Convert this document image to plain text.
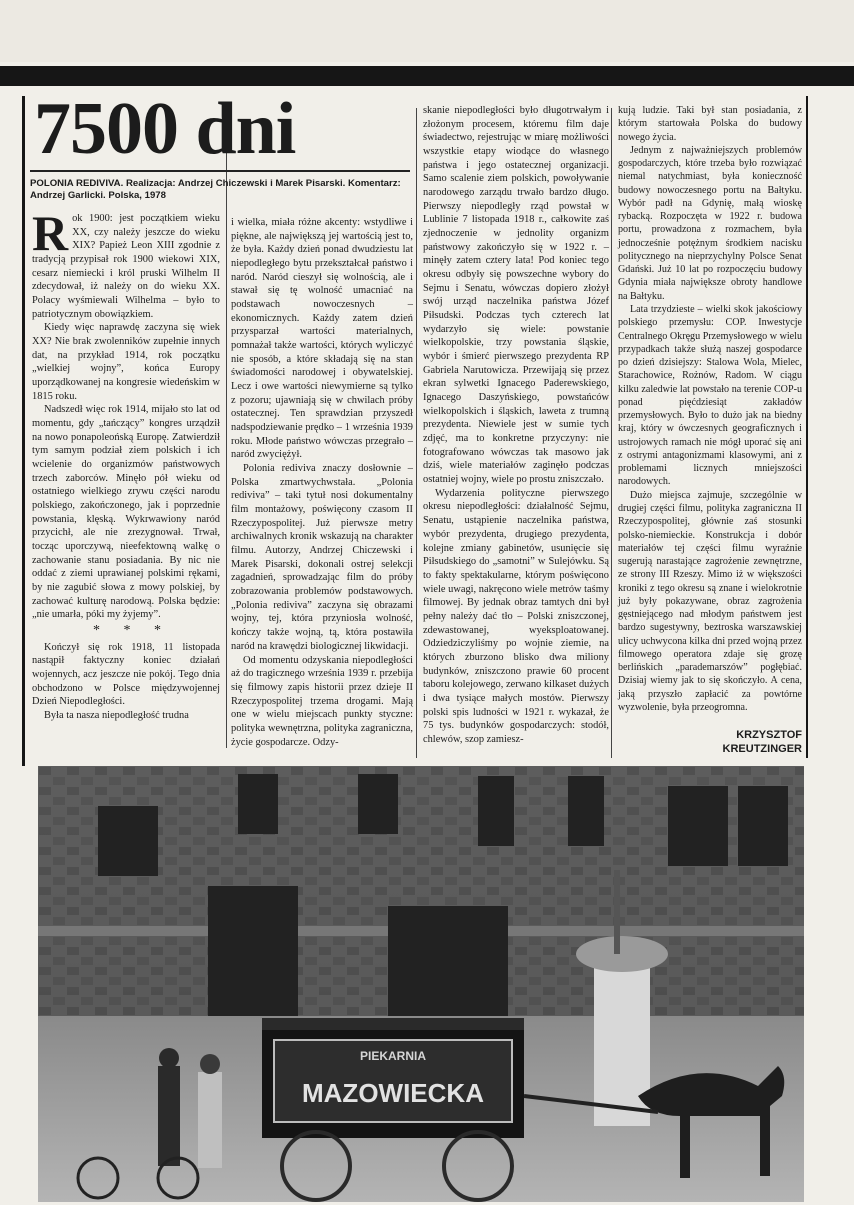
7500 dni

POLONIA REDIVIVA. Realizacja: Andrzej Chiczewski i Marek Pisarski. Komentarz: Andrzej Garlicki. Polska, 1978

Rok 1900: jest początkiem wieku XX, czy należy jeszcze do wieku XIX? Papież Leon XIII zgodnie z tradycją przypisał rok 1900 wiekowi XIX, cesarz niemiecki i król pruski Wilhelm II zdecydował, iż należy on do wieku XX. Polacy wyśmiewali Wilhelma – było to patriotycznym obowiązkiem.

Kiedy więc naprawdę zaczyna się wiek XX? Nie brak zwolenników zupełnie innych dat, na przykład 1914, rok początku „wielkiej wojny”, końca Europy uporządkowanej na kongresie wiedeńskim w 1815 roku.

Nadszedł więc rok 1914, mijało sto lat od momentu, gdy „tańczący” kongres urządził na nowo ponapoleońską Europę. Zatwierdził tym samym podział ziem polskich i ich wcielenie do organizmów państwowych trzech zaborców. Minęło pół wieku od ostatniego wielkiego zrywu części narodu polskiego, zakończonego, jak i poprzednie powstania, klęską. Wykrwawiony naród przycichł, ale nie zrezygnował. Trwał, tocząc uporczywą, nieefektowną walkę o zachowanie stanu posiadania. By nic nie oddać z ziemi uprawianej polskimi rękami, by nie zagubić słowa z mowy polskiej, by zachować kulturę narodową. Polska będzie: „nie umarła, póki my żyjemy”.

* * *

Kończył się rok 1918, 11 listopada nastąpił faktyczny koniec działań wojennych, acz jeszcze nie pokój. Tego dnia obchodzono w Polsce międzywojennej Dzień Niepodległości.

Była ta nasza niepodległość trudna

i wielka, miała różne akcenty: wstydliwe i piękne, ale największą jej wartością jest to, że była. Każdy dzień ponad dwudziestu lat niepodległego bytu przekształcał państwo i naród. Naród cieszył się wolnością, ale i stawał się tę wolność umacniać na podstawach nowoczesnych – ekonomicznych. Każdy zatem dzień przysparzał wartości materialnych, pomnażał także wartości, których wyliczyć nie sposób, a które składają się na stan świadomości narodowej i obywatelskiej. Lecz i owe wartości niewymierne są tylko z pozoru; ujawniają się w chwilach próby ostatecznej. Ten sprawdzian przyszedł nadspodziewanie prędko – 1 września 1939 roku. Młode państwo wówczas przegrało – naród zwyciężył.

Polonia rediviva znaczy dosłownie – Polska zmartwychwstała. „Polonia rediviva” – taki tytuł nosi dokumentalny film montażowy, poświęcony czasom II Rzeczypospolitej. Już pierwsze metry archiwalnych kronik wskazują na charakter filmu. Autorzy, Andrzej Chiczewski i Marek Pisarski, dokonali ostrej selekcji zagadnień, sprowadzając film do próby zobrazowania problemów podstawowych. „Polonia rediviva” zaczyna się obrazami wojny, tej, która przyniosła wolność, kończy także wojną, tą, która postawiła naród na krawędzi biologicznej likwidacji.

Od momentu odzyskania niepodległości aż do tragicznego września 1939 r. przebija się filmowy zapis historii przez dzieje II Rzeczypospolitej trzema drogami. Mają one w wielu miejscach punkty styczne: polityka wewnętrzna, polityka zagraniczna, życie gospodarcze. Odzy-

skanie niepodległości było długotrwałym i złożonym procesem, któremu film daje świadectwo, rejestrując w miarę możliwości wszystkie etapy wiodące do własnego państwa i jego ostatecznej organizacji. Samo scalenie ziem polskich, powoływanie narodowego zarządu trwało bardzo długo. Pierwszy niepodległy rząd powstał w Lublinie 7 listopada 1918 r., całkowite zaś zjednoczenie w jednolity organizm państwowy zakończyło się w 1922 r. – minęły zatem cztery lata! Pod koniec tego okresu odbyły się powszechne wybory do Sejmu i Senatu, wówczas dopiero złożył swój urząd naczelnika państwa Józef Piłsudski. Podczas tych czterech lat wydarzyło się wiele: powstanie wielkopolskie, trzy powstania śląskie, wybór i śmierć pierwszego prezydenta RP Gabriela Narutowicza. Przewijają się przez ekran sylwetki Ignacego Paderewskiego, Ignacego Daszyńskiego, powstańców wielkopolskich i śląskich, laweta z trumną prezydenta. Niewiele jest w sumie tych zdjęć, ma to konkretne przyczyny: nie fotografowano wówczas tak masowo jak dziś, wiele materiałów zaginęło podczas ostatniej wojny, wiele po prostu zniszczało.

Wydarzenia polityczne pierwszego okresu niepodległości: działalność Sejmu, Senatu, ustąpienie naczelnika państwa, wybór prezydenta, drugiego prezydenta, kolejne zmiany gabinetów, usunięcie się Piłsudskiego do „samotni” w Sulejówku. Są to fakty spektakularne, którym poświęcono wiele uwagi, nakręcono wiele metrów taśmy filmowej. By jednak obraz tamtych dni był pełny należy dać tło – Polski zniszczonej, zdewastowanej, wyeksploatowanej. Odziedziczyliśmy po wojnie ziemie, na których zburzono blisko dwa miliony budynków, zniszczono prawie 60 procent taboru kolejowego, zerwano kilkaset dużych i dwa tysiące małych mostów. Pierwszy polski spis ludności w 1921 r. wykazał, że 75 tys. budynków gospodarczych: stodół, chlewów, szop zamiesz-

kują ludzie. Taki był stan posiadania, z którym startowała Polska do budowy nowego życia.

Jednym z najważniejszych problemów gospodarczych, które trzeba było rozwiązać niemal natychmiast, była konieczność budowy nowoczesnego portu na Bałtyku. Wybór padł na Gdynię, małą wioskę rybacką. Rozpoczęta w 1922 r. budowa portu, prowadzona z rozmachem, była jednocześnie potężnym środkiem nacisku politycznego na nieprzychylny Polsce Senat Gdański. Już 10 lat po rozpoczęciu budowy Gdynia miała największe obroty handlowe na Bałtyku.

Lata trzydzieste – wielki skok jakościowy polskiego przemysłu: COP. Inwestycje Centralnego Okręgu Przemysłowego w wielu przypadkach także służą naszej gospodarce po dzień dzisiejszy: Stalowa Wola, Mielec, Starachowice, Rożnów, Radom. W ciągu kilku zaledwie lat powstało na terenie COP-u ponad pięćdziesiąt zakładów przemysłowych. Było to dużo jak na biedny kraj, który w ówczesnych geograficznych i ustrojowych ramach nie mógł uporać się ani z ostrymi antagonizmami klasowymi, ani z problemami licznych mniejszości narodowych.

Dużo miejsca zajmuje, szczególnie w drugiej części filmu, polityka zagraniczna II Rzeczypospolitej, głównie zaś stosunki polsko-niemieckie. Konstrukcja i dobór materiałów tej części filmu wyraźnie sugerują narastające zagrożenie zewnętrzne, ze strony III Rzeszy. Mimo iż w większości kroniki z tego okresu są znane i wielokrotnie już były pokazywane, obraz zagrożenia gęstniejącego nad młodym państwem jest bardzo sugestywny, beztroska warszawskiej ulicy uchwycona kilka dni przed wojną przez filmowego operatora zdaje się grozę berlińskich „parademarszów” pogłębiać. Dzisiaj wiemy jak to się skończyło. A cena, jaką przyszło zapłacić za powtórne wyzwolenie, była przeogromna.

KRZYSZTOF
KREUTZINGER

PIEKARNIA
MAZOWIECKA
